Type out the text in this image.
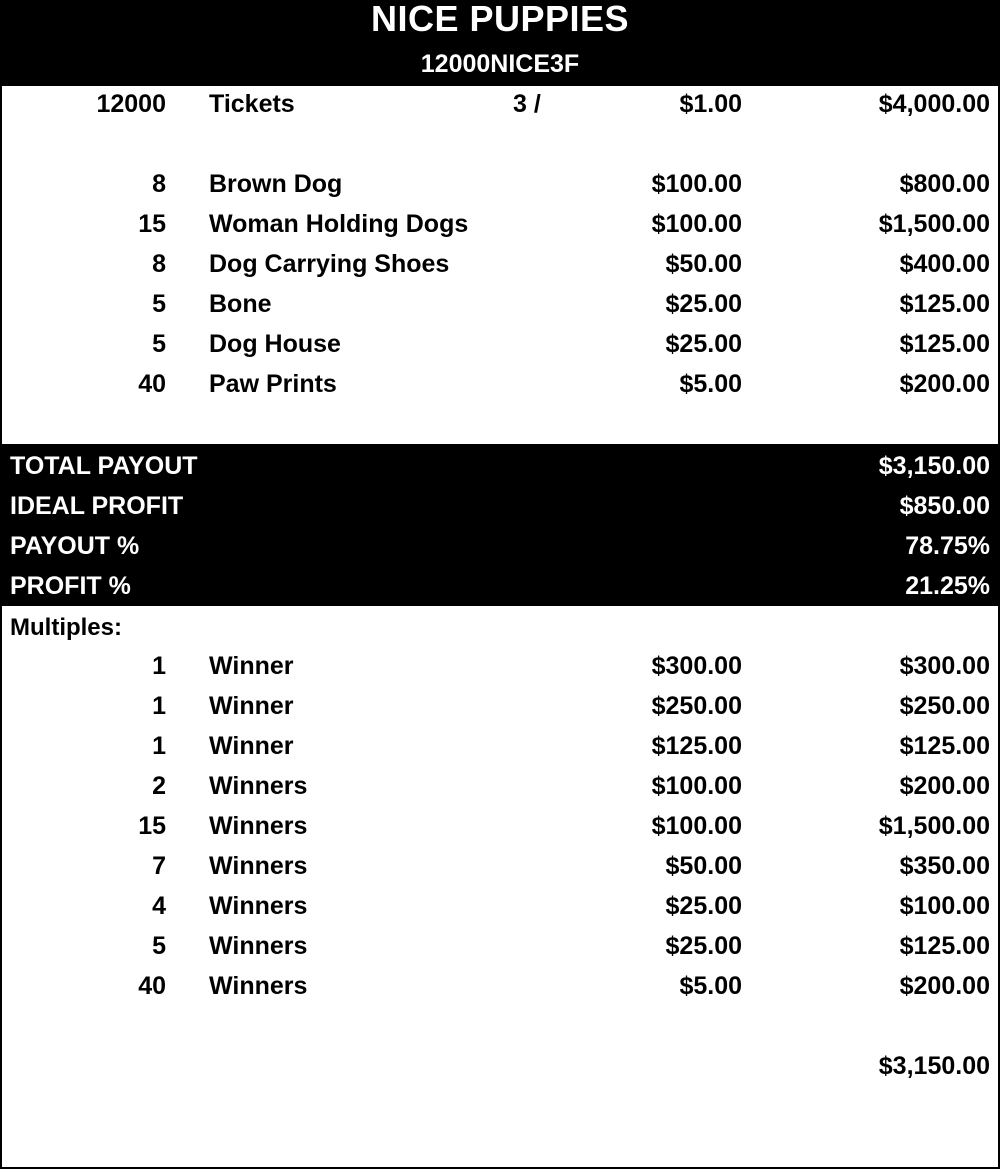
NICE PUPPIES
12000NICE3F
12000 Tickets	3 /	$1.00	$4,000.00
8 Brown Dog	$100.00	$800.00
15 Woman Holding Dogs	$100.00	$1,500.00
8 Dog Carrying Shoes	$50.00	$400.00
5 Bone	$25.00	$125.00
5 Dog House	$25.00	$125.00
40 Paw Prints	$5.00	$200.00
TOTAL PAYOUT	$3,150.00
IDEAL PROFIT	$850.00
PAYOUT %	78.75%
PROFIT %	21.25%
Multiples:
1 Winner	$300.00	$300.00
1 Winner	$250.00	$250.00
1 Winner	$125.00	$125.00
2 Winners	$100.00	$200.00
15 Winners	$100.00	$1,500.00
7 Winners	$50.00	$350.00
4 Winners	$25.00	$100.00
5 Winners	$25.00	$125.00
40 Winners	$5.00	$200.00
$3,150.00
